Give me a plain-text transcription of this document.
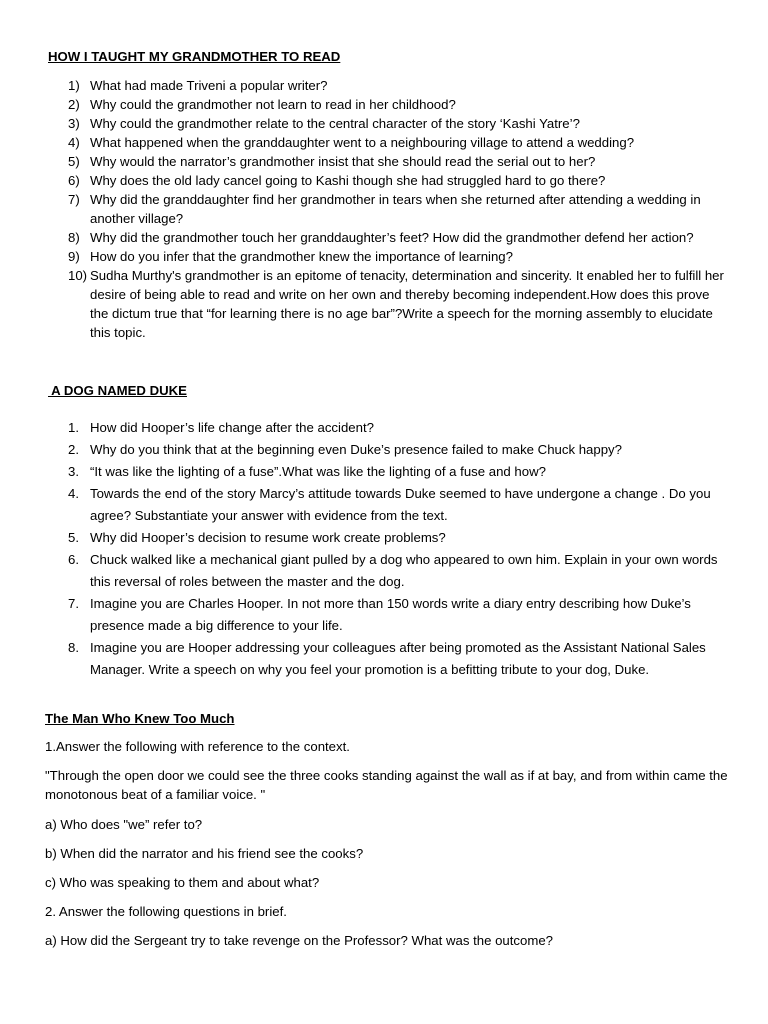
HOW I TAUGHT MY GRANDMOTHER TO READ
1) What had made Triveni a popular writer?
2) Why could the grandmother not learn to read in her childhood?
3) Why could the grandmother relate to the central character of the story ‘Kashi Yatre’?
4) What happened when the granddaughter went to a neighbouring village to attend a wedding?
5) Why would the narrator’s grandmother insist that she should read the serial out to her?
6) Why does the old lady cancel going to Kashi though she had struggled hard to go there?
7) Why did the granddaughter find her grandmother in tears when she returned after attending a wedding in another village?
8) Why did the grandmother touch her granddaughter’s feet? How did the grandmother defend her action?
9) How do you infer that the grandmother knew the importance of learning?
10) Sudha Murthy's grandmother is an epitome of tenacity, determination and sincerity. It enabled her to fulfill her desire of being able to read and write on her own and thereby becoming independent.How does this prove the dictum true that “for learning there is no age bar”?Write a speech for the morning assembly to elucidate this topic.
A DOG NAMED DUKE
1. How did Hooper’s life change after the accident?
2. Why do you think that at the beginning even Duke’s presence failed to make Chuck happy?
3. “It was like the lighting of a fuse”.What was like the lighting of a fuse and how?
4. Towards the end of the story Marcy’s attitude towards Duke seemed to have undergone a change . Do you agree? Substantiate your answer with evidence from the text.
5. Why did Hooper’s decision to resume work create problems?
6. Chuck walked like a mechanical giant pulled by a dog who appeared to own him. Explain in your own words this reversal of roles between the master and the dog.
7. Imagine you are Charles Hooper. In not more than 150 words write a diary entry describing how Duke’s presence made a big difference to your life.
8. Imagine you are Hooper addressing your colleagues after being promoted as the Assistant National Sales Manager. Write a speech on why you feel your promotion is a befitting tribute to your dog, Duke.
The Man Who Knew Too Much

1.Answer the following with reference to the context.

"Through the open door we could see the three cooks standing against the wall as if at bay, and from within came the monotonous beat of a familiar voice. "

a) Who does "we” refer to?

b) When did the narrator and his friend see the cooks?

c) Who was speaking to them and about what?

2. Answer the following questions in brief.

a) How did the Sergeant try to take revenge on the Professor? What was the outcome?
